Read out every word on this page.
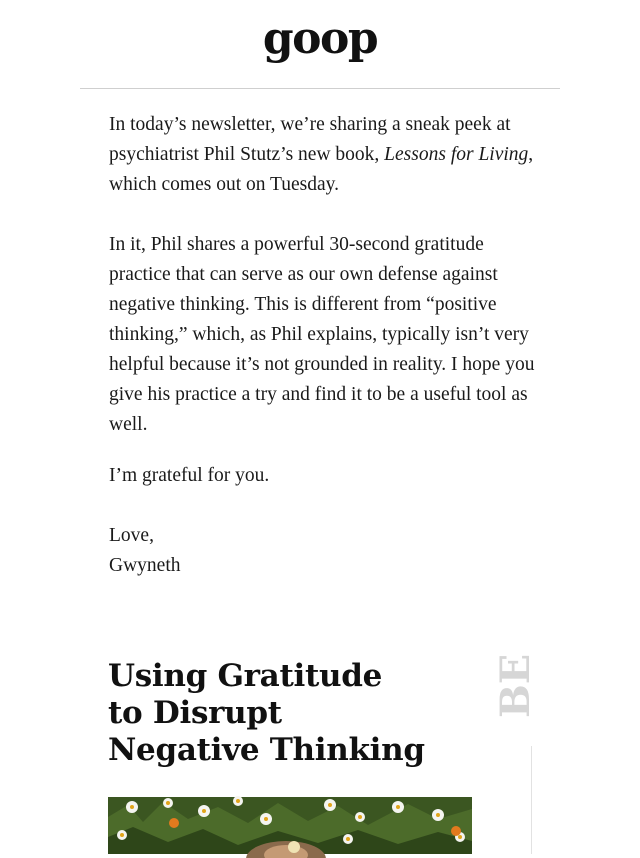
goop

In today’s newsletter, we’re sharing a sneak peek at psychiatrist Phil Stutz’s new book, Lessons for Living, which comes out on Tuesday.

In it, Phil shares a powerful 30-second gratitude practice that can serve as our own defense against negative thinking. This is different from “positive thinking,” which, as Phil explains, typically isn’t very helpful because it’s not grounded in reality. I hope you give his practice a try and find it to be a useful tool as well.

I’m grateful for you.

Love,
Gwyneth

Using Gratitude
to Disrupt
Negative Thinking
BE
